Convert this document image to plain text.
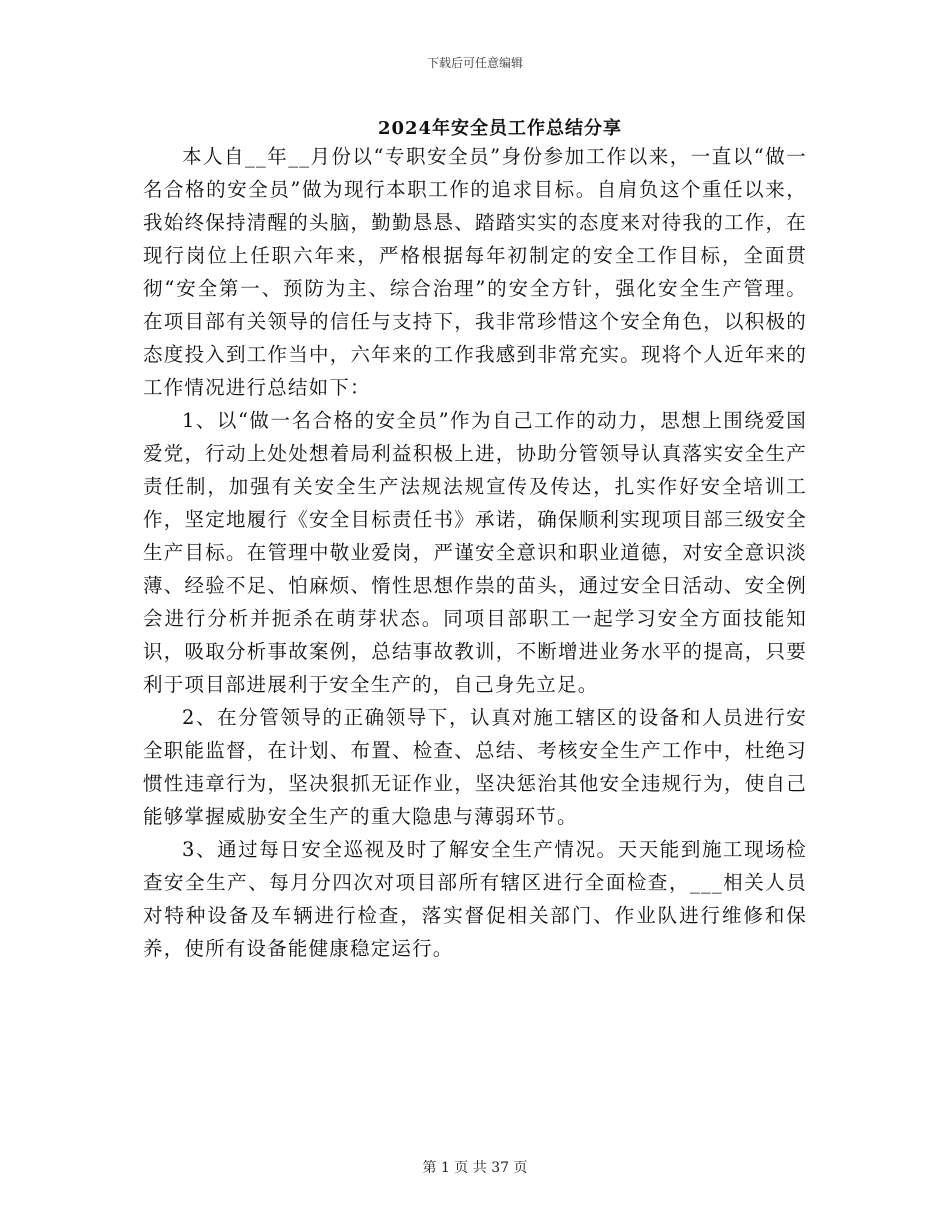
下载后可任意编辑
2024年安全员工作总结分享

本人自__年__月份以“专职安全员”身份参加工作以来，一直以“做一名合格的安全员”做为现行本职工作的追求目标。自肩负这个重任以来，我始终保持清醒的头脑，勤勤恳恳、踏踏实实的态度来对待我的工作，在现行岗位上任职六年来，严格根据每年初制定的安全工作目标，全面贯彻“安全第一、预防为主、综合治理”的安全方针，强化安全生产管理。在项目部有关领导的信任与支持下，我非常珍惜这个安全角色，以积极的态度投入到工作当中，六年来的工作我感到非常充实。现将个人近年来的工作情况进行总结如下：

1、以“做一名合格的安全员”作为自己工作的动力，思想上围绕爱国爱党，行动上处处想着局利益积极上进，协助分管领导认真落实安全生产责任制，加强有关安全生产法规法规宣传及传达，扎实作好安全培训工作，坚定地履行《安全目标责任书》承诺，确保顺利实现项目部三级安全生产目标。在管理中敬业爱岗，严谨安全意识和职业道德，对安全意识淡薄、经验不足、怕麻烦、惰性思想作祟的苗头，通过安全日活动、安全例会进行分析并扼杀在萌芽状态。同项目部职工一起学习安全方面技能知识，吸取分析事故案例，总结事故教训，不断增进业务水平的提高，只要利于项目部进展利于安全生产的，自己身先立足。

2、在分管领导的正确领导下，认真对施工辖区的设备和人员进行安全职能监督，在计划、布置、检查、总结、考核安全生产工作中，杜绝习惯性违章行为，坚决狠抓无证作业，坚决惩治其他安全违规行为，使自己能够掌握威胁安全生产的重大隐患与薄弱环节。

3、通过每日安全巡视及时了解安全生产情况。天天能到施工现场检查安全生产、每月分四次对项目部所有辖区进行全面检查，___相关人员对特种设备及车辆进行检查，落实督促相关部门、作业队进行维修和保养，使所有设备能健康稳定运行。

第 1 页 共 37 页
